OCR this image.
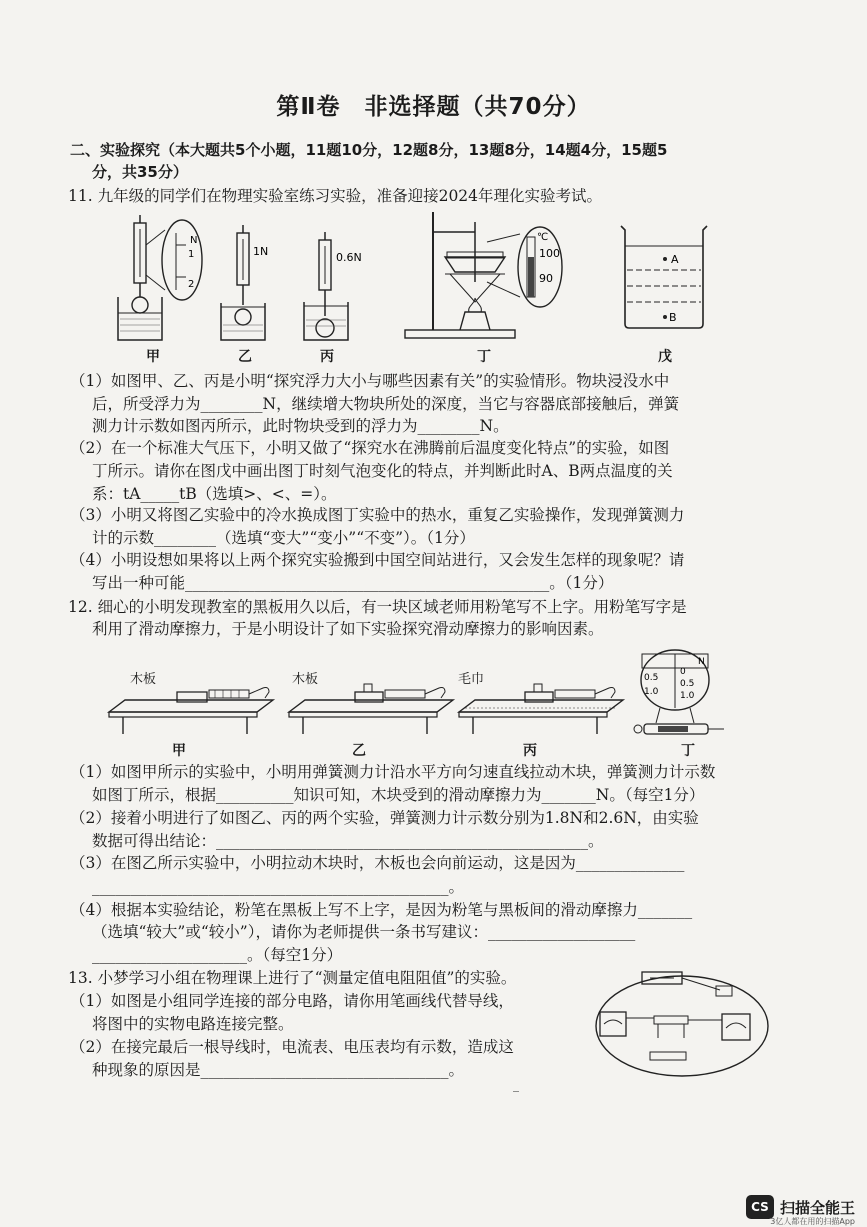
第Ⅱ卷　非选择题（共70分）
二、实验探究（本大题共5个小题，11题10分，12题8分，13题8分，14题4分，15题5
分，共35分）
11. 九年级的同学们在物理实验室练习实验，准备迎接2024年理化实验考试。
N
1
2
1N	0.6N
℃
100
90
A
B
甲	乙	丙	丁	戊
（1）如图甲、乙、丙是小明“探究浮力大小与哪些因素有关”的实验情形。物块浸没水中
后，所受浮力为________N，继续增大物块所处的深度，当它与容器底部接触后，弹簧
测力计示数如图丙所示，此时物块受到的浮力为________N。
（2）在一个标准大气压下，小明又做了“探究水在沸腾前后温度变化特点”的实验，如图
丁所示。请你在图戊中画出图丁时刻气泡变化的特点，并判断此时A、B两点温度的关
系：tA_____tB（选填>、<、=）。
（3）小明又将图乙实验中的冷水换成图丁实验中的热水，重复乙实验操作，发现弹簧测力
计的示数________（选填“变大”“变小”“不变”）。（1分）
（4）小明设想如果将以上两个探究实验搬到中国空间站进行，又会发生怎样的现象呢？请
写出一种可能_______________________________________________。（1分）
12. 细心的小明发现教室的黑板用久以后，有一块区域老师用粉笔写不上字。用粉笔写字是
利用了滑动摩擦力，于是小明设计了如下实验探究滑动摩擦力的影响因素。
木板	木板	毛巾
N
0.5
1.0
0
0.5
1.0
甲	乙	丙	丁
（1）如图甲所示的实验中，小明用弹簧测力计沿水平方向匀速直线拉动木块，弹簧测力计示数
如图丁所示，根据__________知识可知，木块受到的滑动摩擦力为_______N。（每空1分）
（2）接着小明进行了如图乙、丙的两个实验，弹簧测力计示数分别为1.8N和2.6N，由实验
数据可得出结论：________________________________________________。
（3）在图乙所示实验中，小明拉动木块时，木板也会向前运动，这是因为______________
______________________________________________。
（4）根据本实验结论，粉笔在黑板上写不上字，是因为粉笔与黑板间的滑动摩擦力_______
（选填“较大”或“较小”），请你为老师提供一条书写建议：___________________
____________________。（每空1分）
13. 小梦学习小组在物理课上进行了“测量定值电阻阻值”的实验。
（1）如图是小组同学连接的部分电路，请你用笔画线代替导线，
将图中的实物电路连接完整。
（2）在接完最后一根导线时，电流表、电压表均有示数，造成这
种现象的原因是________________________________。
‾
CS 扫描全能王
3亿人都在用的扫描App
